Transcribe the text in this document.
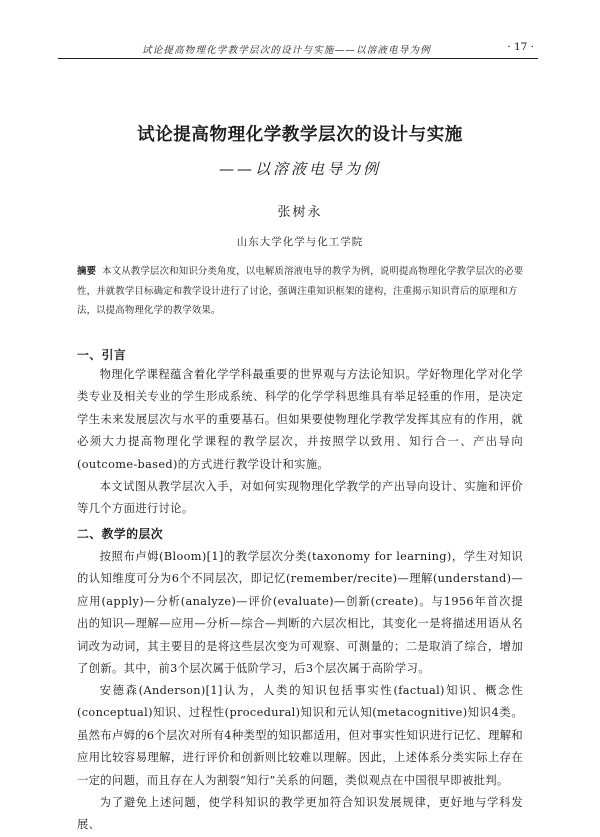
试论提高物理化学教学层次的设计与实施——以溶液电导为例	· 17 ·
试论提高物理化学教学层次的设计与实施
——以溶液电导为例
张树永
山东大学化学与化工学院
摘要 本文从教学层次和知识分类角度，以电解质溶液电导的教学为例，说明提高物理化学教学层次的必要性，并就教学目标确定和教学设计进行了讨论，强调注重知识框架的建构，注重揭示知识背后的原理和方法，以提高物理化学的教学效果。
一、引言

物理化学课程蕴含着化学学科最重要的世界观与方法论知识。学好物理化学对化学类专业及相关专业的学生形成系统、科学的化学学科思维具有举足轻重的作用，是决定学生未来发展层次与水平的重要基石。但如果要使物理化学教学发挥其应有的作用，就必须大力提高物理化学课程的教学层次，并按照学以致用、知行合一、产出导向(outcome-based)的方式进行教学设计和实施。

本文试图从教学层次入手，对如何实现物理化学教学的产出导向设计、实施和评价等几个方面进行讨论。

二、教学的层次

按照布卢姆(Bloom)[1]的教学层次分类(taxonomy for learning)，学生对知识的认知维度可分为6个不同层次，即记忆(remember/recite)—理解(understand)—应用(apply)—分析(analyze)—评价(evaluate)—创新(create)。与1956年首次提出的知识—理解—应用—分析—综合—判断的六层次相比，其变化一是将描述用语从名词改为动词，其主要目的是将这些层次变为可观察、可测量的；二是取消了综合，增加了创新。其中，前3个层次属于低阶学习，后3个层次属于高阶学习。

安德森(Anderson)[1]认为，人类的知识包括事实性(factual)知识、概念性(conceptual)知识、过程性(procedural)知识和元认知(metacognitive)知识4类。虽然布卢姆的6个层次对所有4种类型的知识都适用，但对事实性知识进行记忆、理解和应用比较容易理解，进行评价和创新则比较难以理解。因此，上述体系分类实际上存在一定的问题，而且存在人为割裂“知行”关系的问题，类似观点在中国很早即被批判。

为了避免上述问题，使学科知识的教学更加符合知识发展规律，更好地与学科发展、
